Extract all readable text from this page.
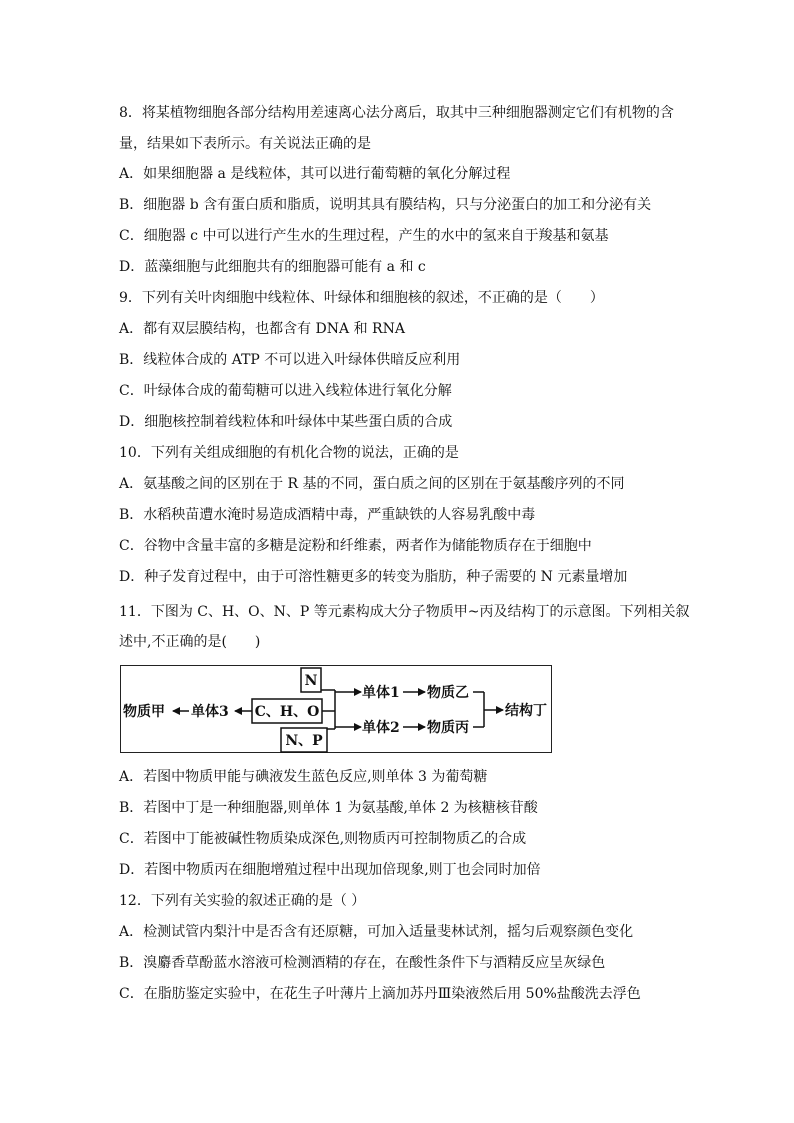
8．将某植物细胞各部分结构用差速离心法分离后，取其中三种细胞器测定它们有机物的含
量，结果如下表所示。有关说法正确的是
A．如果细胞器 a 是线粒体，其可以进行葡萄糖的氧化分解过程
B．细胞器 b 含有蛋白质和脂质，说明其具有膜结构，只与分泌蛋白的加工和分泌有关
C．细胞器 c 中可以进行产生水的生理过程，产生的水中的氢来自于羧基和氨基
D．蓝藻细胞与此细胞共有的细胞器可能有 a 和 c
9．下列有关叶肉细胞中线粒体、叶绿体和细胞核的叙述，不正确的是（　　）
A．都有双层膜结构，也都含有 DNA 和 RNA
B．线粒体合成的 ATP 不可以进入叶绿体供暗反应利用
C．叶绿体合成的葡萄糖可以进入线粒体进行氧化分解
D．细胞核控制着线粒体和叶绿体中某些蛋白质的合成
10．下列有关组成细胞的有机化合物的说法，正确的是
A．氨基酸之间的区别在于 R 基的不同，蛋白质之间的区别在于氨基酸序列的不同
B．水稻秧苗遭水淹时易造成酒精中毒，严重缺铁的人容易乳酸中毒
C．谷物中含量丰富的多糖是淀粉和纤维素，两者作为储能物质存在于细胞中
D．种子发育过程中，由于可溶性糖更多的转变为脂肪，种子需要的 N 元素量增加
11．下图为 C、H、O、N、P 等元素构成大分子物质甲~丙及结构丁的示意图。下列相关叙
述中,不正确的是(　　)
N
C、H、O
N、P
物质甲 单体3
单体1 物质乙
单体2 物质丙
结构丁
A．若图中物质甲能与碘液发生蓝色反应,则单体 3 为葡萄糖
B．若图中丁是一种细胞器,则单体 1 为氨基酸,单体 2 为核糖核苷酸
C．若图中丁能被碱性物质染成深色,则物质丙可控制物质乙的合成
D．若图中物质丙在细胞增殖过程中出现加倍现象,则丁也会同时加倍
12．下列有关实验的叙述正确的是（ ）
A．检测试管内梨汁中是否含有还原糖，可加入适量斐林试剂，摇匀后观察颜色变化
B．溴麝香草酚蓝水溶液可检测酒精的存在，在酸性条件下与酒精反应呈灰绿色
C．在脂肪鉴定实验中，在花生子叶薄片上滴加苏丹Ⅲ染液然后用 50%盐酸洗去浮色
